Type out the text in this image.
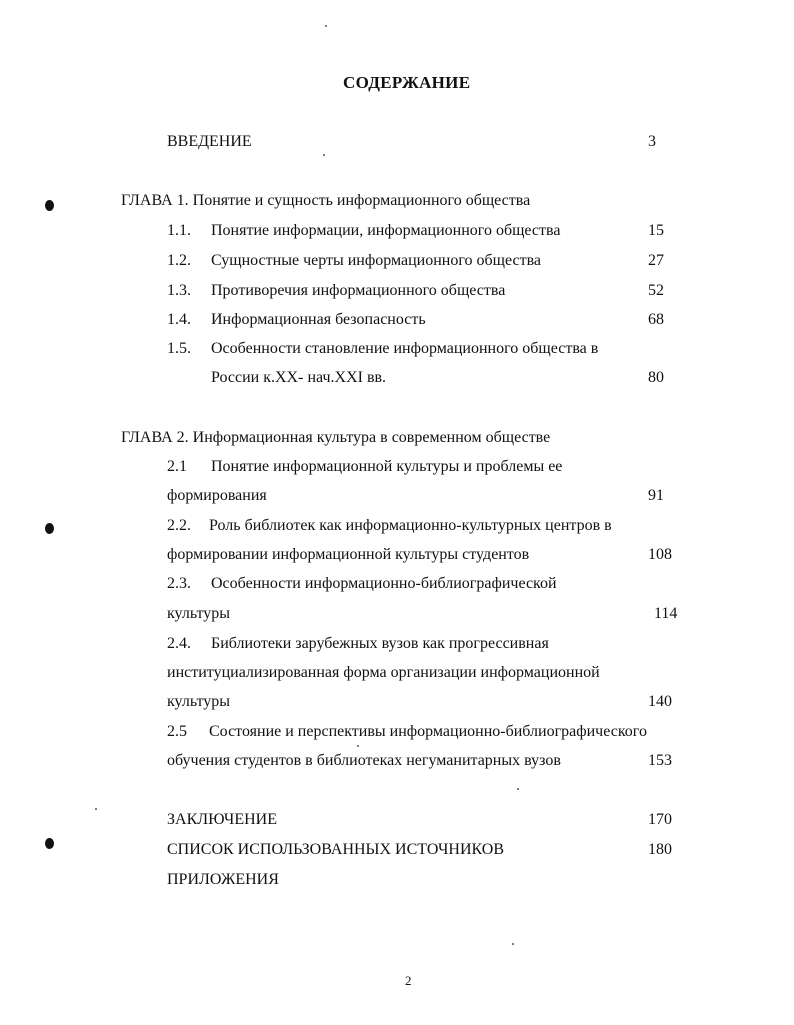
СОДЕРЖАНИЕ
ВВЕДЕНИЕ	3
ГЛАВА 1. Понятие и сущность информационного общества
1.1. Понятие информации, информационного общества	15
1.2. Сущностные черты информационного общества	27
1.3. Противоречия информационного общества	52
1.4. Информационная безопасность	68
1.5. Особенности становление информационного общества в
России к.XX- нач.XXI вв.	80
ГЛАВА 2. Информационная культура в современном обществе
2.1 Понятие информационной культуры и проблемы ее
формирования	91
2.2. Роль библиотек как информационно-культурных центров в
формировании информационной культуры студентов	108
2.3. Особенности информационно-библиографической
культуры	114
2.4. Библиотеки зарубежных вузов как прогрессивная
институциализированная форма организации информационной
культуры	140
2.5 Состояние и перспективы информационно-библиографического
обучения студентов в библиотеках негуманитарных вузов	153
ЗАКЛЮЧЕНИЕ	170
СПИСОК ИСПОЛЬЗОВАННЫХ ИСТОЧНИКОВ	180
ПРИЛОЖЕНИЯ
2
